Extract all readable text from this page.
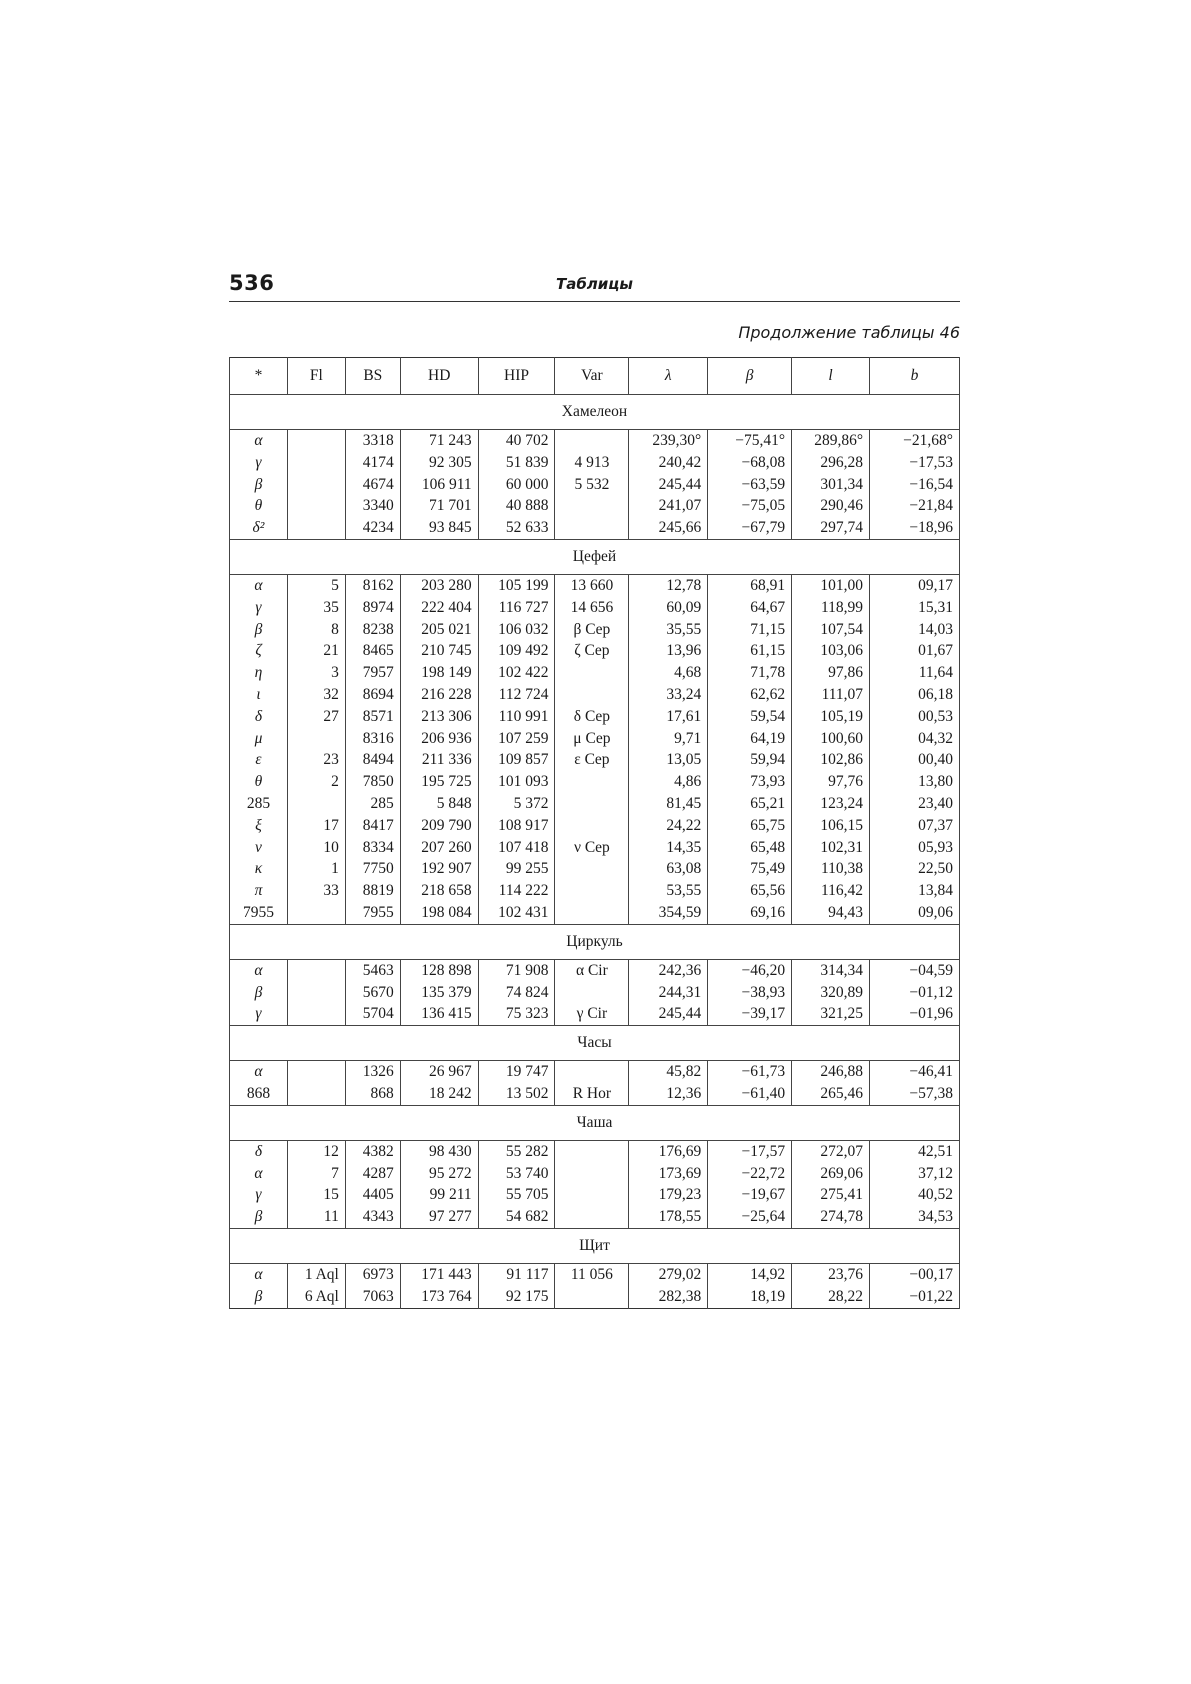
536	Таблицы
Продолжение таблицы 46
*	Fl	BS	HD	HIP	Var	λ	β	l	b
Хамелеон									
α		3318	71 243	40 702		239,30°	−75,41°	289,86°	−21,68°
γ		4174	92 305	51 839	4 913	240,42	−68,08	296,28	−17,53
β		4674	106 911	60 000	5 532	245,44	−63,59	301,34	−16,54
θ		3340	71 701	40 888		241,07	−75,05	290,46	−21,84
δ²		4234	93 845	52 633		245,66	−67,79	297,74	−18,96
Цефей									
α	5	8162	203 280	105 199	13 660	12,78	68,91	101,00	09,17
γ	35	8974	222 404	116 727	14 656	60,09	64,67	118,99	15,31
β	8	8238	205 021	106 032	β Cep	35,55	71,15	107,54	14,03
ζ	21	8465	210 745	109 492	ζ Cep	13,96	61,15	103,06	01,67
η	3	7957	198 149	102 422		4,68	71,78	97,86	11,64
ι	32	8694	216 228	112 724		33,24	62,62	111,07	06,18
δ	27	8571	213 306	110 991	δ Cep	17,61	59,54	105,19	00,53
μ		8316	206 936	107 259	μ Cep	9,71	64,19	100,60	04,32
ε	23	8494	211 336	109 857	ε Cep	13,05	59,94	102,86	00,40
θ	2	7850	195 725	101 093		4,86	73,93	97,76	13,80
285		285	5 848	5 372		81,45	65,21	123,24	23,40
ξ	17	8417	209 790	108 917		24,22	65,75	106,15	07,37
ν	10	8334	207 260	107 418	ν Cep	14,35	65,48	102,31	05,93
κ	1	7750	192 907	99 255		63,08	75,49	110,38	22,50
π	33	8819	218 658	114 222		53,55	65,56	116,42	13,84
7955		7955	198 084	102 431		354,59	69,16	94,43	09,06
Циркуль									
α		5463	128 898	71 908	α Cir	242,36	−46,20	314,34	−04,59
β		5670	135 379	74 824		244,31	−38,93	320,89	−01,12
γ		5704	136 415	75 323	γ Cir	245,44	−39,17	321,25	−01,96
Часы									
α		1326	26 967	19 747		45,82	−61,73	246,88	−46,41
868		868	18 242	13 502	R Hor	12,36	−61,40	265,46	−57,38
Чаша									
δ	12	4382	98 430	55 282		176,69	−17,57	272,07	42,51
α	7	4287	95 272	53 740		173,69	−22,72	269,06	37,12
γ	15	4405	99 211	55 705		179,23	−19,67	275,41	40,52
β	11	4343	97 277	54 682		178,55	−25,64	274,78	34,53
Щит									
α	1 Aql	6973	171 443	91 117	11 056	279,02	14,92	23,76	−00,17
β	6 Aql	7063	173 764	92 175		282,38	18,19	28,22	−01,22
